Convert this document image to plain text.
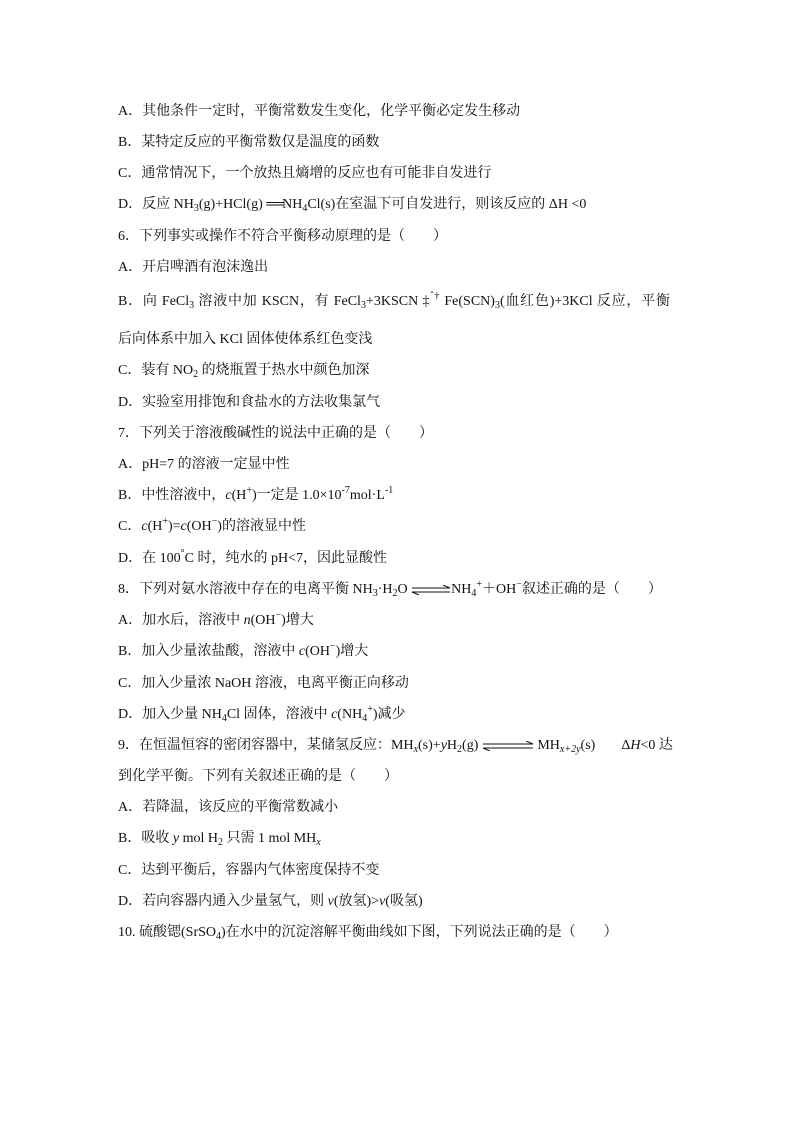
A．其他条件一定时，平衡常数发生变化，化学平衡必定发生移动
B．某特定反应的平衡常数仅是温度的函数
C．通常情况下，一个放热且熵增的反应也有可能非自发进行
D．反应 $NH_3(g)+HCl(g)$ $══NH_4Cl(s)$在室温下可自发进行，则该反应的 ΔH <0
6．下列事实或操作不符合平衡移动原理的是（　　）
A．开启啤酒有泡沫逸出
B．向 FeCl$_3$ 溶液中加 KSCN，有 FeCl$_3$+3KSCN ‡$^{ˆ\dagger}$ $Fe(SCN)_3$(血红色)+3KCl 反应，平衡
后向体系中加入 KCl 固体使体系红色变浅
C．装有 $NO_2$ 的烧瓶置于热水中颜色加深
D．实验室用排饱和食盐水的方法收集氯气
7．下列关于溶液酸碱性的说法中正确的是（　　）
A．pH=7 的溶液一定显中性
B．中性溶液中，c(H+)一定是 $1.0\times 10^{-7}mol\cdot L^{-1}$
C．c(H+)=c(OH−)的溶液显中性
D．在 100°C 时，纯水的 pH<7，因此显酸性
8．下列对氨水溶液中存在的电离平衡 $NH_3\cdot H_2O$ $\rightleftharpoons NH_4^++OH^-$叙述正确的是（　　）
A．加水后，溶液中 n(OH−)增大
B．加入少量浓盐酸，溶液中 c(OH−)增大
C．加入少量浓 NaOH 溶液，电离平衡正向移动
D．加入少量 $NH_4Cl$ 固体，溶液中 $c(NH_4^+)$减少
9．在恒温恒容的密闭容器中，某储氢反应：$MH_x(s)+yH_2(g)$ ⇌ $MH_{x+2y}(s)$ ΔH<0 达
到化学平衡。下列有关叙述正确的是（　　）
A．若降温，该反应的平衡常数减小
B．吸收 y mol $H_2$ 只需 1 mol $MH_x$
C．达到平衡后，容器内气体密度保持不变
D．若向容器内通入少量氢气，则 v(放氢)>v(吸氢)
10. 硫酸锶(SrSO$_4$)在水中的沉淀溶解平衡曲线如下图，下列说法正确的是（　　）
